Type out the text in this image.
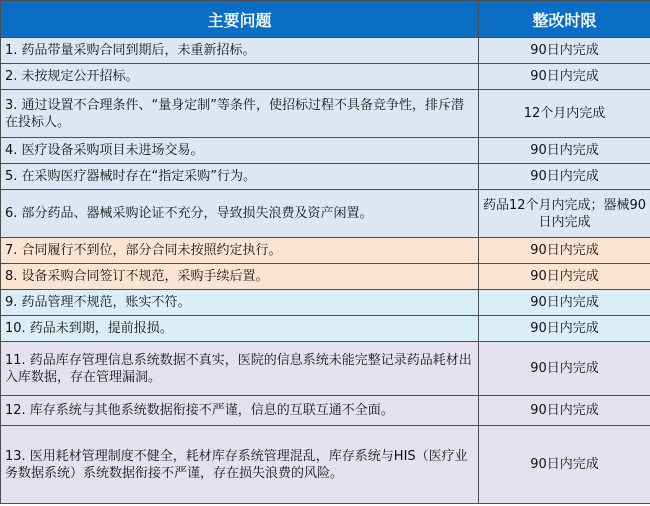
主要问题	整改时限
1. 药品带量采购合同到期后，未重新招标。	90日内完成
2. 未按规定公开招标。	90日内完成
3. 通过设置不合理条件、“量身定制”等条件，使招标过程不具备竞争性，排斥潜在投标人。	12个月内完成
4. 医疗设备采购项目未进场交易。	90日内完成
5. 在采购医疗器械时存在“指定采购”行为。	90日内完成
6. 部分药品、器械采购论证不充分，导致损失浪费及资产闲置。	药品12个月内完成；器械90日内完成
7. 合同履行不到位，部分合同未按照约定执行。	90日内完成
8. 设备采购合同签订不规范，采购手续后置。	90日内完成
9. 药品管理不规范，账实不符。	90日内完成
10. 药品未到期，提前报损。	90日内完成
11. 药品库存管理信息系统数据不真实，医院的信息系统未能完整记录药品耗材出入库数据，存在管理漏洞。	90日内完成
12. 库存系统与其他系统数据衔接不严谨，信息的互联互通不全面。	90日内完成
13. 医用耗材管理制度不健全，耗材库存系统管理混乱，库存系统与HIS（医疗业务数据系统）系统数据衔接不严谨，存在损失浪费的风险。	90日内完成
